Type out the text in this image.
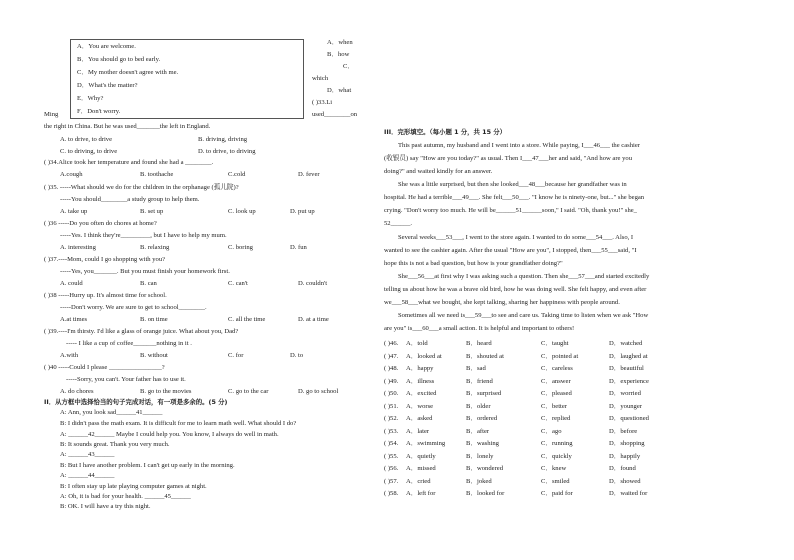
A．You are welcome.
B．You should go to bed early.
C．My mother doesn't agree with me.
D．What's the matter?
E．Why?
F．Don't worry.
A．when
B．how
C．
which
D．what
( )33.Li
used________on
Ming
the right in China. But he was used_______the left in England.
A. to drive, to drive	B. driving, driving
C. to driving, to drive	D. to drive, to driving
( )34.Alice took her temperature and found she had a ________.
A.cough	B. toothache	C.cold	D. fever
( )35. -----What should we do for the children in the orphanage (孤儿院)?
-----You should________a study group to help them.
A. take up	B. set up	C. look up	D. put up
( )36 -----Do you often do chores at home?
-----Yes. I think they're_________, but I have to help my mum.
A. interesting	B. relaxing	C. boring	D. fun
( )37.----Mom, could I go shopping with you?
-----Yes, you_______. But you must finish your homework first.
A. could	B. can	C. can't	D. couldn't
( )38 -----Hurry up. It's almost time for school.
-----Don't worry. We are sure to get to school________.
A.at times	B. on time	C. all the time	D. at a time
( )39.----I'm thirsty. I'd like a glass of orange juice. What about you, Dad?
----- I like a cup of coffee_______nothing in it .
A.with	B. without	C. for	D. to
( )40 -----Could I please ________________?
-----Sorry, you can't. Your father has to use it.
A. do chores	B. go to the movies	C. go to the car	D. go to school
II．从方框中选择恰当的句子完成对话，有一项是多余的。(5 分)
A: Ann, you look sad______41______
B: I didn't pass the math exam. It is difficult for me to learn math well. What should I do?
A: ______42______ Maybe I could help you. You know, I always do well in math.
B: It sounds great. Thank you very much.
A: ______43______
B: But I have another problem. I can't get up early in the morning.
A: ______44______
B: I often stay up late playing computer games at night.
A: Oh, it is bad for your health. ______45______
B: OK. I will have a try this night.
III．完形填空。（每小题 1 分，共 15 分）
This past autumn, my husband and I went into a store. While paying, I___46___ the cashier
(收银员) say "How are you today?" as usual. Then I___47___her and said, "And how are you
doing?" and waited kindly for an answer.
She was a little surprised, but then she looked___48___because her grandfather was in
hospital. He had a terrible___49___. She felt___50___. "I know he is ninety-one, but..." she began
crying. "Don't worry too much. He will be______51______soon," I said. "Oh, thank you!" she_
52______.
Several weeks___53___, I went to the store again. I wanted to do some___54___. Also, I
wanted to see the cashier again. After the usual "How are you", I stopped, then___55___said, "I
hope this is not a bad question, but how is your grandfather doing?"
She___56___at first why I was asking such a question. Then she___57___and started excitedly
telling us about how he was a brave old bird, how he was doing well. She felt happy, and even after
we___58___what we bought, she kept talking, sharing her happiness with people around.
Sometimes all we need is___59___to see and care us. Taking time to listen when we ask "How
are you" is___60___a small action. It is helpful and important to others!
( )46. A．told	B．heard	C．taught	D．watched
( )47. A．looked at	B．shouted at	C．pointed at	D．laughed at
( )48. A．happy	B．sad	C．careless	D．beautiful
( )49. A．illness	B．friend	C．answer	D．experience
( )50. A．excited	B．surprised	C．pleased	D．worried
( )51. A．worse	B．older	C．better	D．younger
( )52. A．asked	B．ordered	C．replied	D．questioned
( )53. A．later	B．after	C．ago	D．before
( )54. A．swimming	B．washing	C．running	D．shopping
( )55. A．quietly	B．lonely	C．quickly	D．happily
( )56. A．missed	B．wondered	C．knew	D．found
( )57. A．cried	B．joked	C．smiled	D．showed
( )58. A．left for	B．looked for	C．paid for	D．waited for
